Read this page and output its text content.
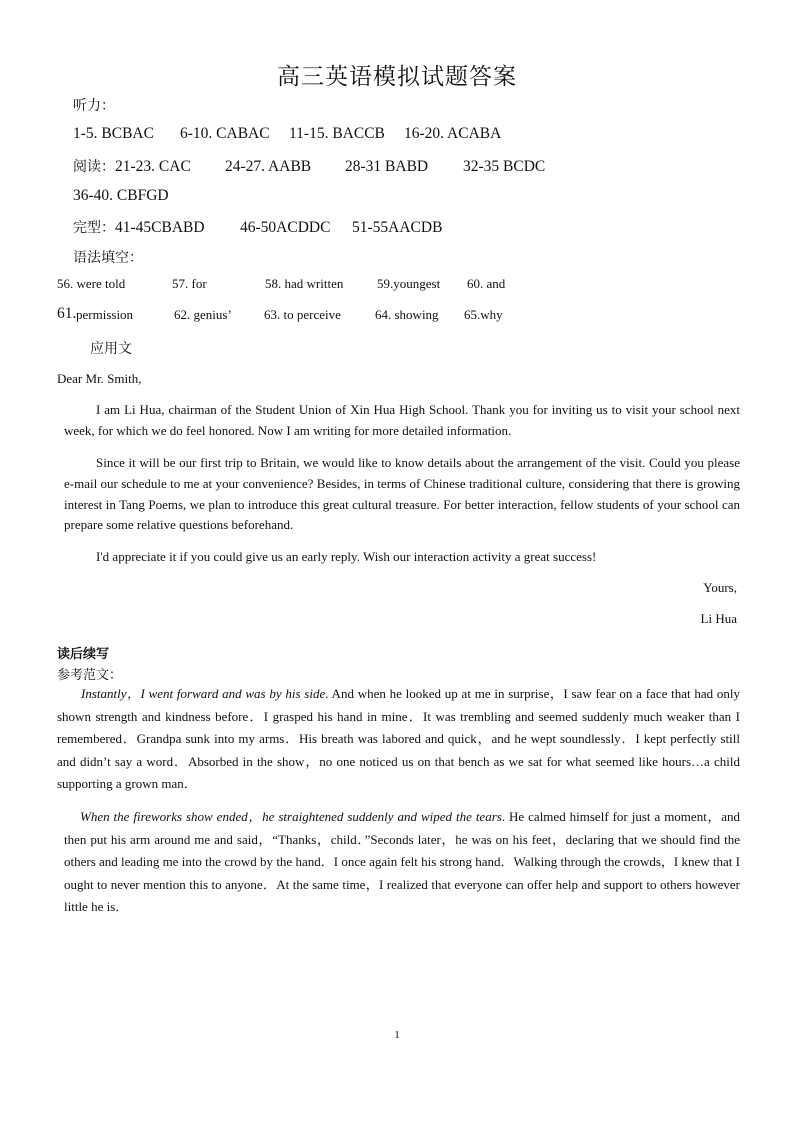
高三英语模拟试题答案
听力：
1-5. BCBAC 6-10. CABAC 11-15. BACCB 16-20. ACABA
阅读：21-23. CAC 24-27. AABB 28-31 BABD 32-35 BCDC
36-40. CBFGD
完型：41-45CBABD 46-50ACDDC 51-55AACDB
语法填空：
56. were told	57. for	58. had written	59.youngest 60. and
61. permission	62. genius’ 63. to perceive	64. showing 65.why
应用文
Dear Mr. Smith,
I am Li Hua, chairman of the Student Union of Xin Hua High School. Thank you for inviting us to visit your school next week, for which we do feel honored. Now I am writing for more detailed information.
Since it will be our first trip to Britain, we would like to know details about the arrangement of the visit. Could you please e-mail our schedule to me at your convenience? Besides, in terms of Chinese traditional culture, considering that there is growing interest in Tang Poems, we plan to introduce this great cultural treasure. For better interaction, fellow students of your school can prepare some relative questions beforehand.
I'd appreciate it if you could give us an early reply. Wish our interaction activity a great success!
Yours,
Li Hua
读后续写
参考范文：
Instantly，I went forward and was by his side. And when he looked up at me in surprise，I saw fear on a face that had only shown strength and kindness before．I grasped his hand in mine．It was trembling and seemed suddenly much weaker than I remembered．Grandpa sunk into my arms．His breath was labored and quick，and he wept soundlessly．I kept perfectly still and didn’t say a word．Absorbed in the show，no one noticed us on that bench as we sat for what seemed like hours…a child supporting a grown man．
When the fireworks show ended，he straightened suddenly and wiped the tears. He calmed himself for just a moment，and then put his arm around me and said，“Thanks，child．”Seconds later，he was on his feet，declaring that we should find the others and leading me into the crowd by the hand．I once again felt his strong hand．Walking through the crowds，I knew that I ought to never mention this to anyone．At the same time，I realized that everyone can offer help and support to others however little he is．
1
